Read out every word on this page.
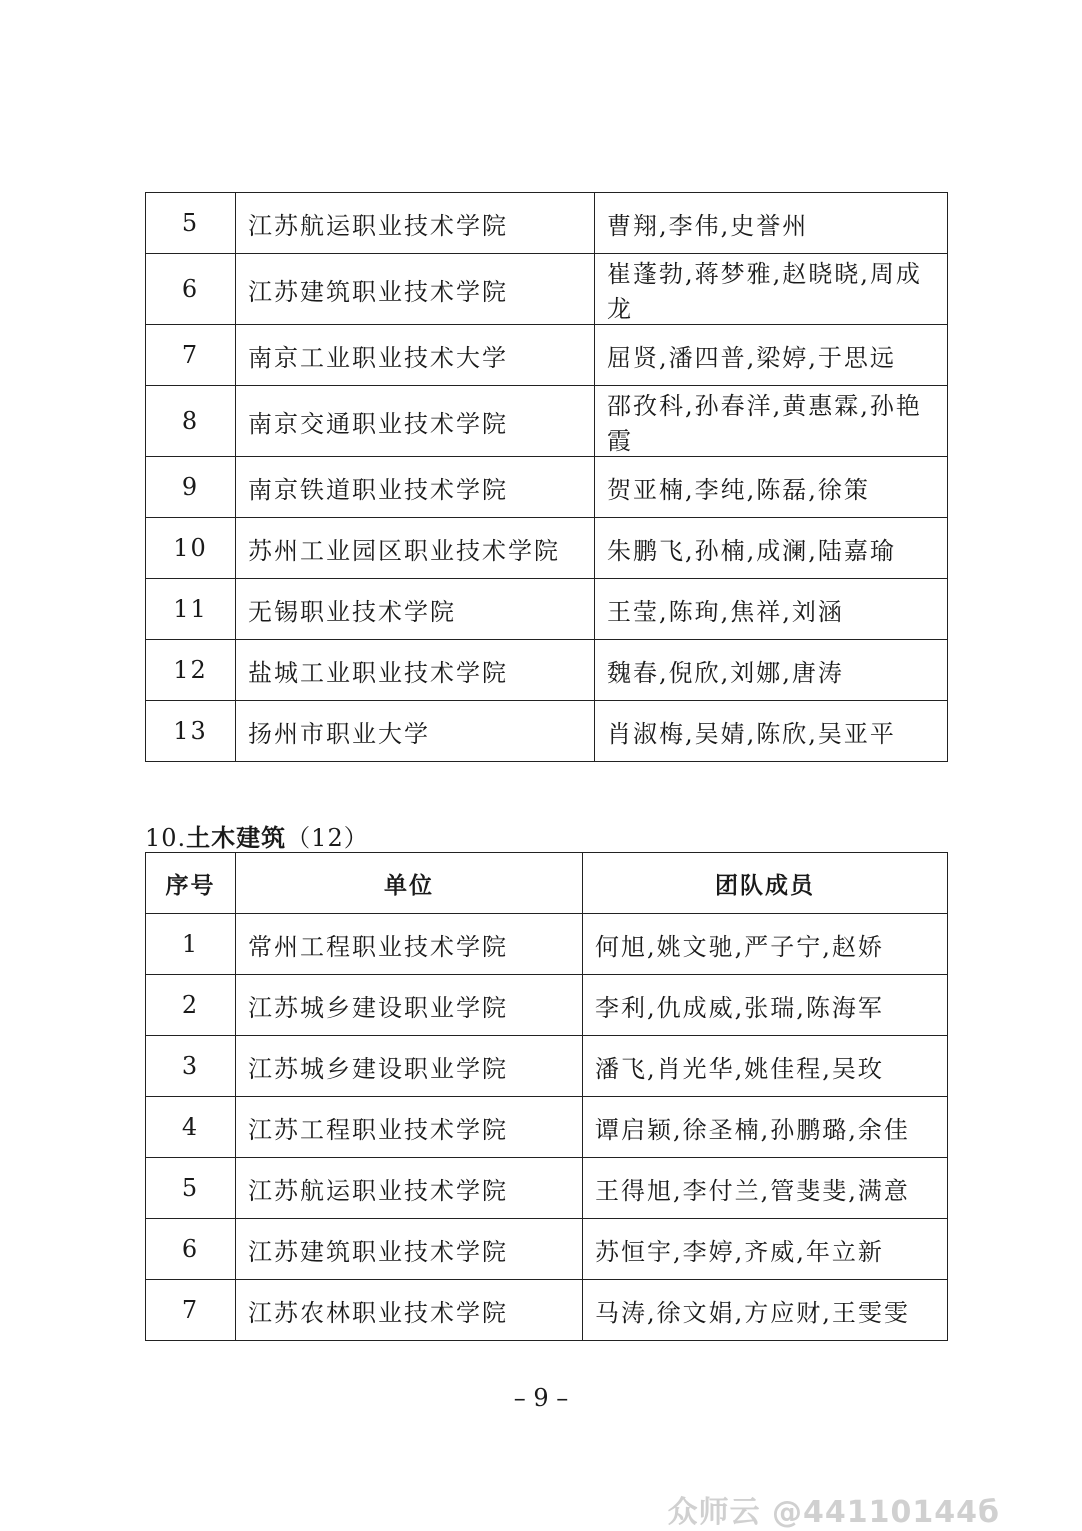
5	江苏航运职业技术学院	曹翔,李伟,史誉州
6	江苏建筑职业技术学院	崔蓬勃,蒋梦雅,赵晓晓,周成龙
7	南京工业职业技术大学	屈贤,潘四普,梁婷,于思远
8	南京交通职业技术学院	邵孜科,孙春洋,黄惠霖,孙艳霞
9	南京铁道职业技术学院	贺亚楠,李纯,陈磊,徐策
10	苏州工业园区职业技术学院	朱鹏飞,孙楠,成澜,陆嘉瑜
11	无锡职业技术学院	王莹,陈珣,焦祥,刘涵
12	盐城工业职业技术学院	魏春,倪欣,刘娜,唐涛
13	扬州市职业大学	肖淑梅,吴婧,陈欣,吴亚平
10.土木建筑（12）
序号	单位	团队成员
1	常州工程职业技术学院	何旭,姚文驰,严子宁,赵娇
2	江苏城乡建设职业学院	李利,仇成威,张瑞,陈海军
3	江苏城乡建设职业学院	潘飞,肖光华,姚佳程,吴玫
4	江苏工程职业技术学院	谭启颖,徐圣楠,孙鹏璐,余佳
5	江苏航运职业技术学院	王得旭,李付兰,管斐斐,满意
6	江苏建筑职业技术学院	苏恒宇,李婷,齐威,年立新
7	江苏农林职业技术学院	马涛,徐文娟,方应财,王雯雯
– 9 –
众师云 @44110144б
